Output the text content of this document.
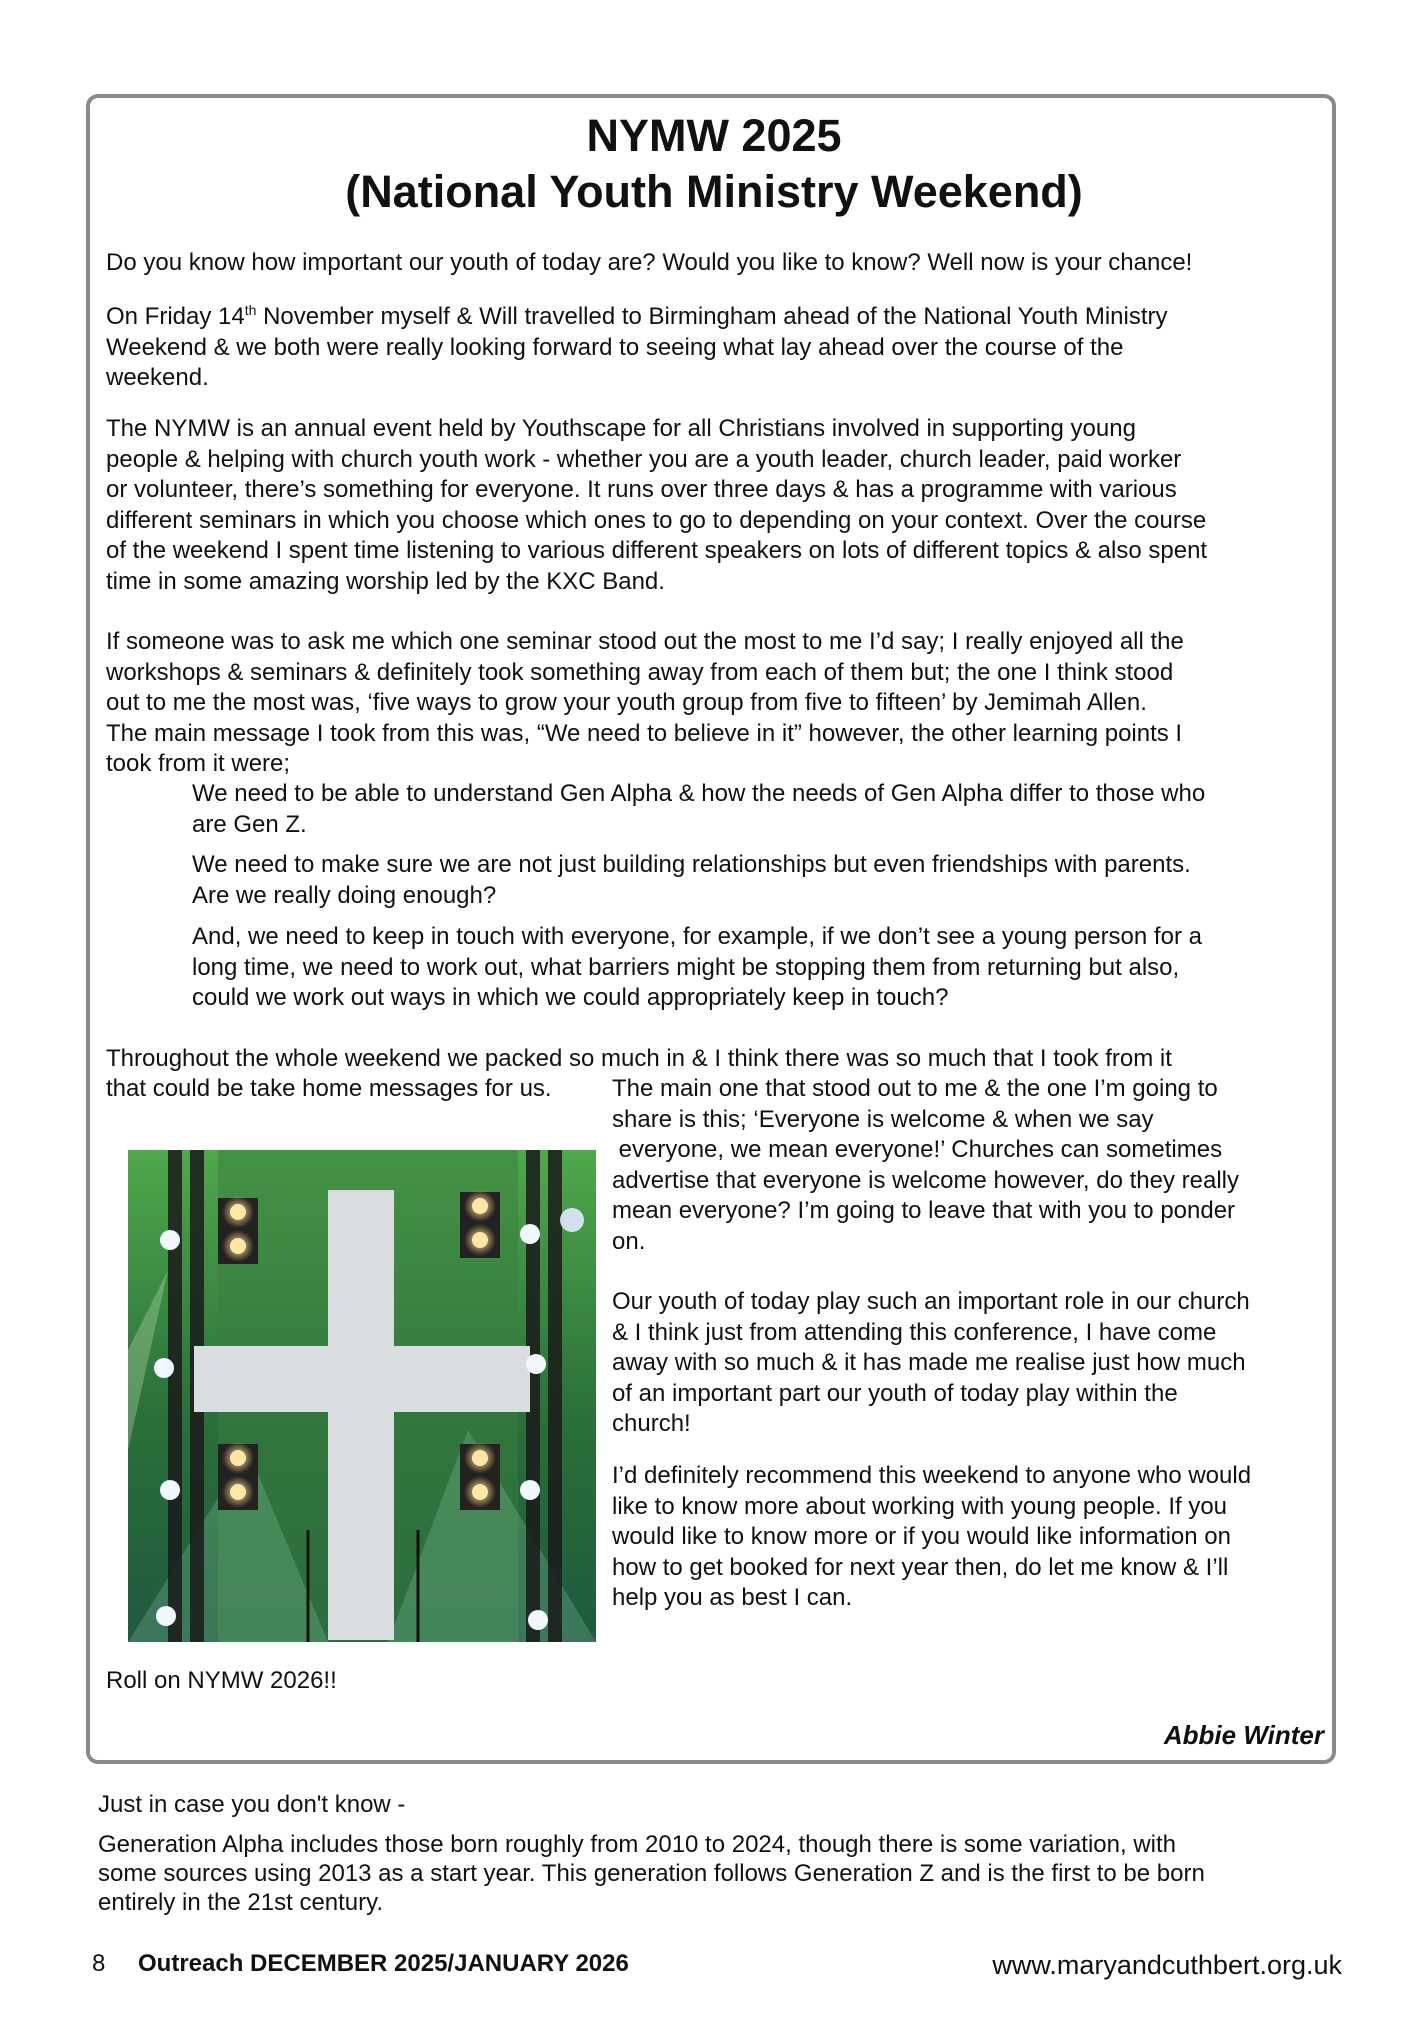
NYMW 2025
(National Youth Ministry Weekend)

Do you know how important our youth of today are? Would you like to know? Well now is your chance!

On Friday 14th November myself & Will travelled to Birmingham ahead of the National Youth Ministry
Weekend & we both were really looking forward to seeing what lay ahead over the course of the
weekend.
The NYMW is an annual event held by Youthscape for all Christians involved in supporting young
people & helping with church youth work - whether you are a youth leader, church leader, paid worker
or volunteer, there’s something for everyone. It runs over three days & has a programme with various
different seminars in which you choose which ones to go to depending on your context. Over the course
of the weekend I spent time listening to various different speakers on lots of different topics & also spent
time in some amazing worship led by the KXC Band.
If someone was to ask me which one seminar stood out the most to me I’d say; I really enjoyed all the
workshops & seminars & definitely took something away from each of them but; the one I think stood
out to me the most was, ‘five ways to grow your youth group from five to fifteen’ by Jemimah Allen.
The main message I took from this was, “We need to believe in it” however, the other learning points I
took from it were;
We need to be able to understand Gen Alpha & how the needs of Gen Alpha differ to those who
are Gen Z.
We need to make sure we are not just building relationships but even friendships with parents.
Are we really doing enough?
And, we need to keep in touch with everyone, for example, if we don’t see a young person for a
long time, we need to work out, what barriers might be stopping them from returning but also,
could we work out ways in which we could appropriately keep in touch?
Throughout the whole weekend we packed so much in & I think there was so much that I took from it
that could be take home messages for us.	The main one that stood out to me & the one I’m going to
share is this; ‘Everyone is welcome & when we say
everyone, we mean everyone!’ Churches can sometimes
advertise that everyone is welcome however, do they really
mean everyone? I’m going to leave that with you to ponder
on.
Our youth of today play such an important role in our church
& I think just from attending this conference, I have come
away with so much & it has made me realise just how much
of an important part our youth of today play within the
church!
I’d definitely recommend this weekend to anyone who would
like to know more about working with young people. If you
would like to know more or if you would like information on
how to get booked for next year then, do let me know & I’ll
help you as best I can.

Roll on NYMW 2026!!

Abbie Winter

Just in case you don't know -

Generation Alpha includes those born roughly from 2010 to 2024, though there is some variation, with
some sources using 2013 as a start year. This generation follows Generation Z and is the first to be born
entirely in the 21st century.
8 Outreach DECEMBER 2025/JANUARY 2026	www.maryandcuthbert.org.uk
